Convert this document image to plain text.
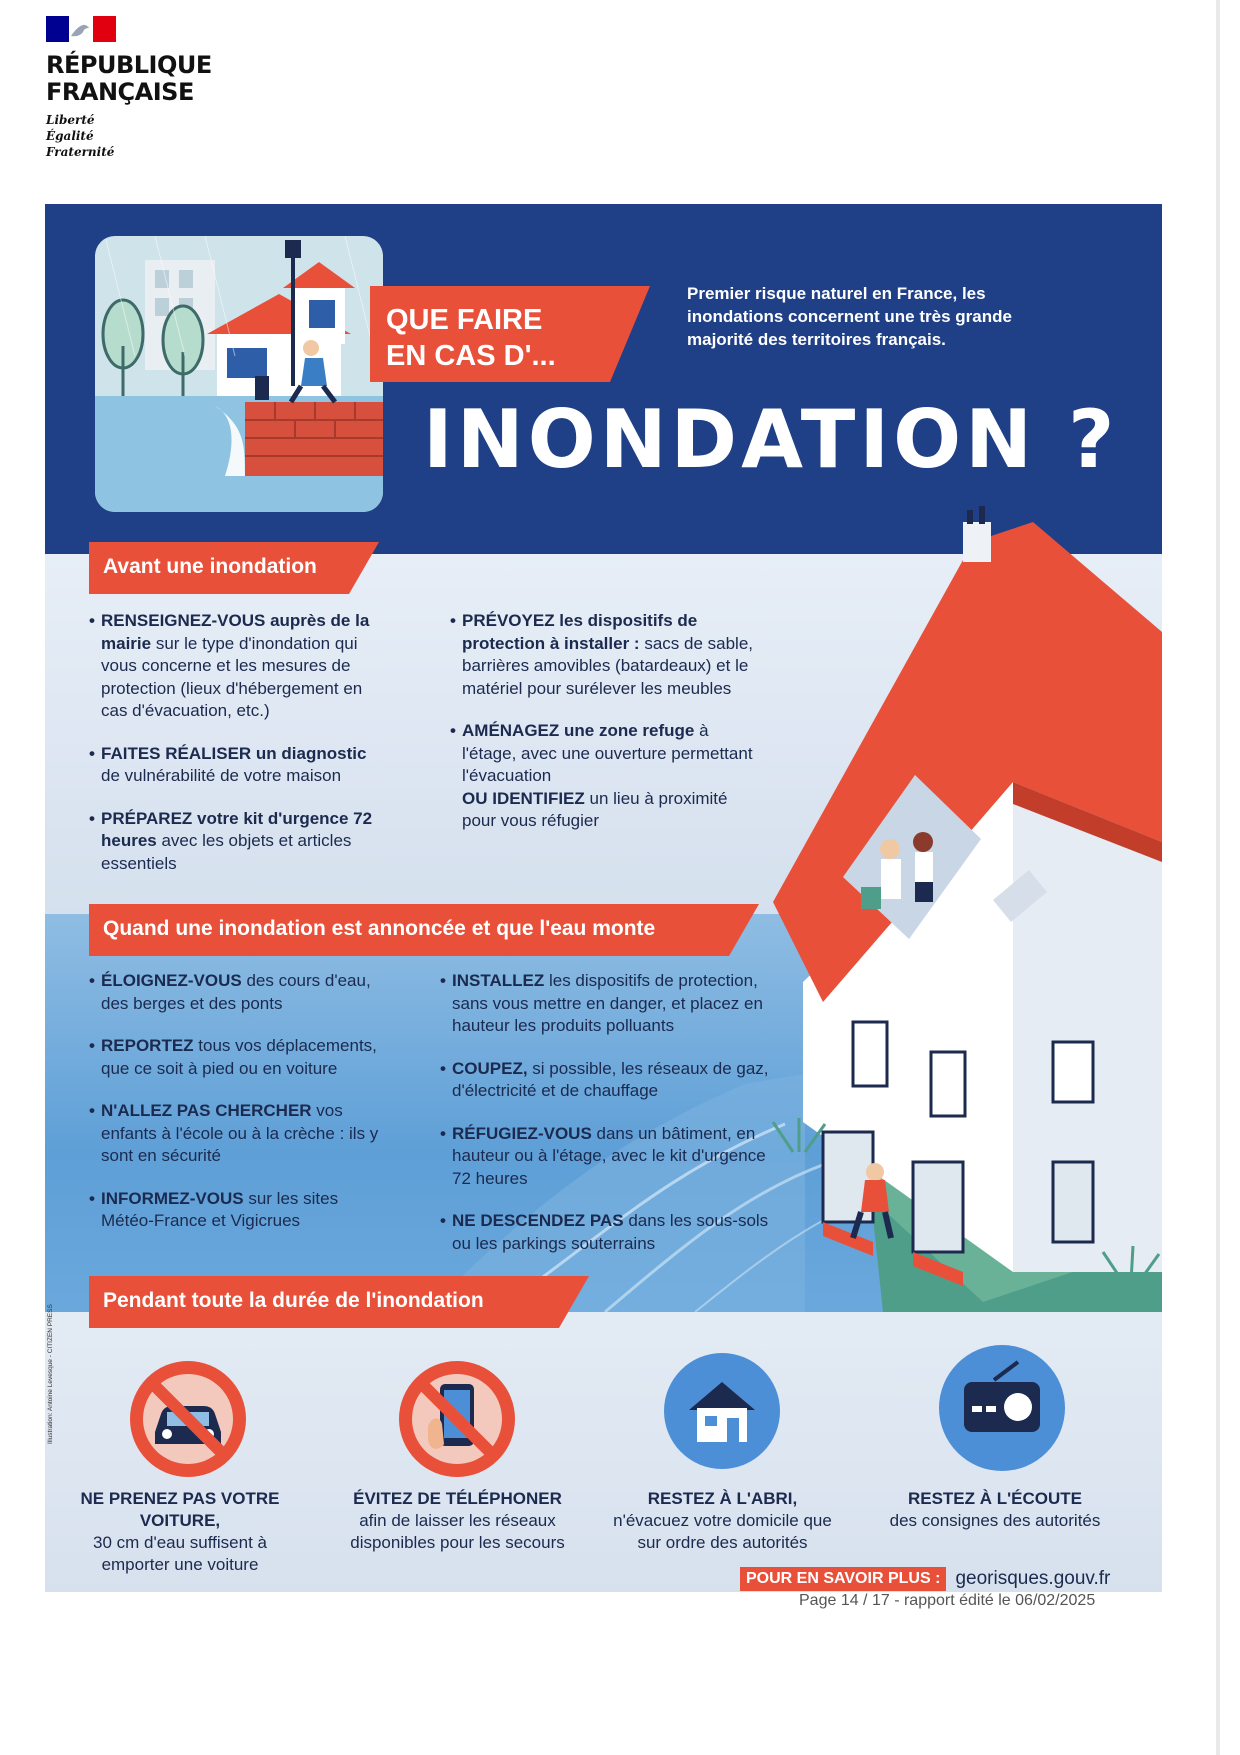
RÉPUBLIQUE
FRANÇAISE
Liberté
Égalité
Fraternité
QUE FAIRE
EN CAS D'...
Premier risque naturel en France, les inondations concernent une très grande majorité des territoires français.
INONDATION ?
Avant une inondation
• RENSEIGNEZ-VOUS auprès de la mairie sur le type d'inondation qui vous concerne et les mesures de protection (lieux d'hébergement en cas d'évacuation, etc.)
• FAITES RÉALISER un diagnostic de vulnérabilité de votre maison
• PRÉPAREZ votre kit d'urgence 72 heures avec les objets et articles essentiels
• PRÉVOYEZ les dispositifs de protection à installer : sacs de sable, barrières amovibles (batardeaux) et le matériel pour surélever les meubles
• AMÉNAGEZ une zone refuge à l'étage, avec une ouverture permettant l'évacuation
OU IDENTIFIEZ un lieu à proximité pour vous réfugier
Quand une inondation est annoncée et que l'eau monte
• ÉLOIGNEZ-VOUS des cours d'eau, des berges et des ponts
• REPORTEZ tous vos déplacements, que ce soit à pied ou en voiture
• N'ALLEZ PAS CHERCHER vos enfants à l'école ou à la crèche : ils y sont en sécurité
• INFORMEZ-VOUS sur les sites Météo-France et Vigicrues
• INSTALLEZ les dispositifs de protection, sans vous mettre en danger, et placez en hauteur les produits polluants
• COUPEZ, si possible, les réseaux de gaz, d'électricité et de chauffage
• RÉFUGIEZ-VOUS dans un bâtiment, en hauteur ou à l'étage, avec le kit d'urgence 72 heures
• NE DESCENDEZ PAS dans les sous-sols ou les parkings souterrains
Pendant toute la durée de l'inondation
NE PRENEZ PAS VOTRE VOITURE,
30 cm d'eau suffisent à emporter une voiture
ÉVITEZ DE TÉLÉPHONER
afin de laisser les réseaux disponibles pour les secours
RESTEZ À L'ABRI,
n'évacuez votre domicile que sur ordre des autorités
RESTEZ À L'ÉCOUTE
des consignes des autorités
Illustration: Antoine Levesque - CITIZEN PRESS
POUR EN SAVOIR PLUS : georisques.gouv.fr
Page 14 / 17 - rapport édité le 06/02/2025
